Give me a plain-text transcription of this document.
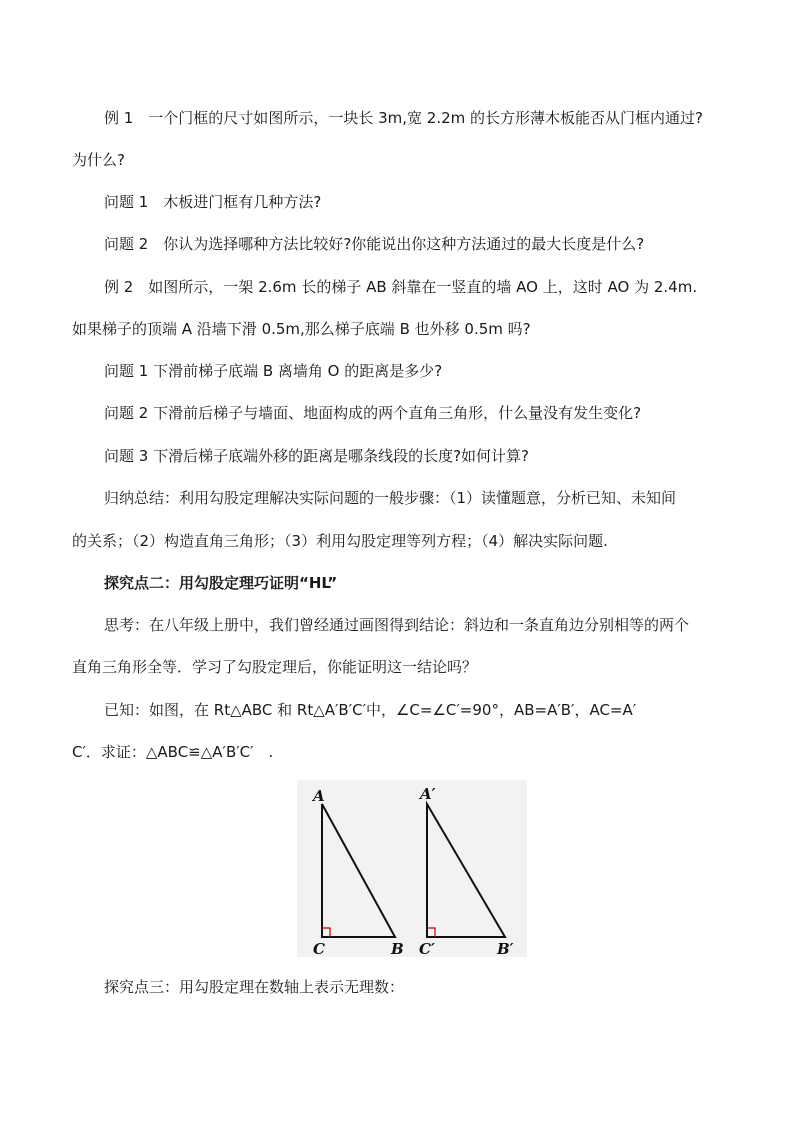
例 1　一个门框的尺寸如图所示，一块长 3m,宽 2.2m 的长方形薄木板能否从门框内通过?

为什么?

问题 1　木板进门框有几种方法?

问题 2　你认为选择哪种方法比较好?你能说出你这种方法通过的最大长度是什么?

例 2　如图所示，一架 2.6m 长的梯子 AB 斜靠在一竖直的墙 AO 上，这时 AO 为 2.4m.

如果梯子的顶端 A 沿墙下滑 0.5m,那么梯子底端 B 也外移 0.5m 吗?

问题 1 下滑前梯子底端 B 离墙角 O 的距离是多少?

问题 2 下滑前后梯子与墙面、地面构成的两个直角三角形，什么量没有发生变化?

问题 3 下滑后梯子底端外移的距离是哪条线段的长度?如何计算?

归纳总结：利用勾股定理解决实际问题的一般步骤：（1）读懂题意，分析已知、未知间

的关系；（2）构造直角三角形；（3）利用勾股定理等列方程；（4）解决实际问题.

探究点二：用勾股定理巧证明“HL”

思考：在八年级上册中，我们曾经通过画图得到结论：斜边和一条直角边分别相等的两个

直角三角形全等．学习了勾股定理后，你能证明这一结论吗？

已知：如图，在 Rt△ABC 和 Rt△A′B′C′中，∠C=∠C′=90°，AB=A′B′，AC=A′

C′．求证：△ABC≌△A′B′C′　.

A
C	B
A′
C′	B′

探究点三：用勾股定理在数轴上表示无理数：
